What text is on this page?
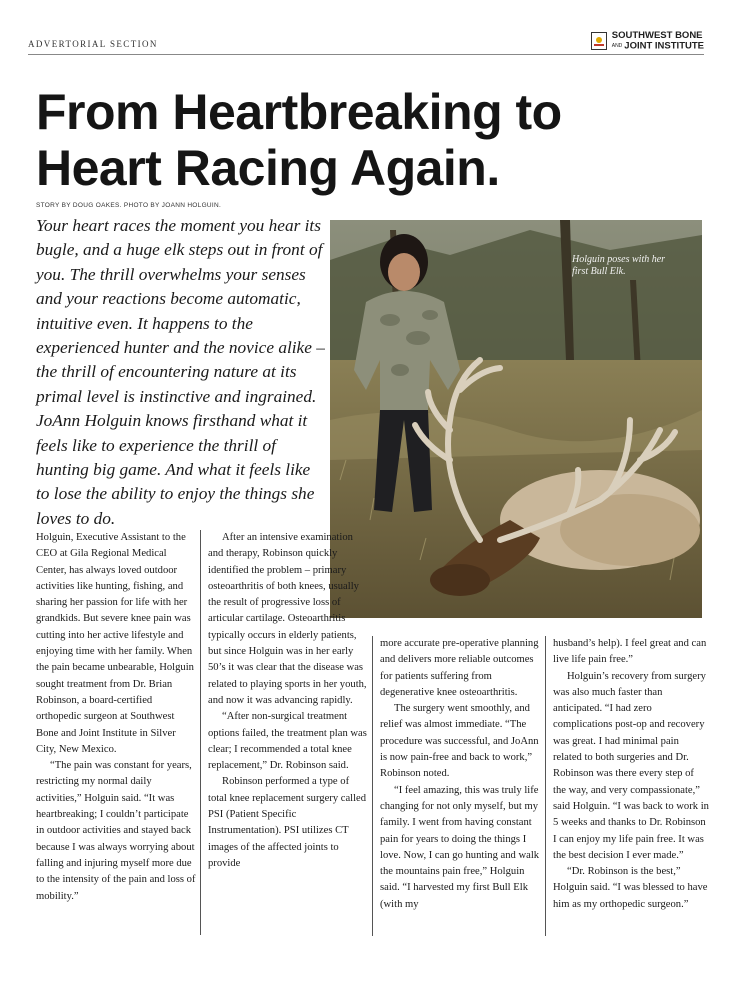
ADVERTORIAL SECTION
SOUTHWEST BONE
AND JOINT INSTITUTE
From Heartbreaking to
Heart Racing Again.
STORY BY DOUG OAKES. PHOTO BY JOANN HOLGUIN.

Your heart races the moment you hear its bugle, and a huge elk steps out in front of you. The thrill overwhelms your senses and your reactions become automatic, intuitive even. It happens to the experienced hunter and the novice alike – the thrill of encountering nature at its primal level is instinctive and ingrained. JoAnn Holguin knows firsthand what it feels like to experience the thrill of hunting big game. And what it feels like to lose the ability to enjoy the things she loves to do.

Holguin poses with her first Bull Elk.

Holguin, Executive Assistant to the CEO at Gila Regional Medical Center, has always loved outdoor activities like hunting, fishing, and sharing her passion for life with her grandkids. But severe knee pain was cutting into her active lifestyle and enjoying time with her family. When the pain became unbearable, Holguin sought treatment from Dr. Brian Robinson, a board-certified orthopedic surgeon at Southwest Bone and Joint Institute in Silver City, New Mexico.

“The pain was constant for years, restricting my normal daily activities,” Holguin said. “It was heartbreaking; I couldn’t participate in outdoor activities and stayed back because I was always worrying about falling and injuring myself more due to the intensity of the pain and loss of mobility.”

After an intensive examination and therapy, Robinson quickly identified the problem – primary osteoarthritis of both knees, usually the result of progressive loss of articular cartilage. Osteoarthritis typically occurs in elderly patients, but since Holguin was in her early 50’s it was clear that the disease was related to playing sports in her youth, and now it was advancing rapidly.

“After non-surgical treatment options failed, the treatment plan was clear; I recommended a total knee replacement,” Dr. Robinson said.

Robinson performed a type of total knee replacement surgery called PSI (Patient Specific Instrumentation). PSI utilizes CT images of the affected joints to provide

more accurate pre-operative planning and delivers more reliable outcomes for patients suffering from degenerative knee osteoarthritis.

The surgery went smoothly, and relief was almost immediate. “The procedure was successful, and JoAnn is now pain-free and back to work,” Robinson noted.

“I feel amazing, this was truly life changing for not only myself, but my family. I went from having constant pain for years to doing the things I love. Now, I can go hunting and walk the mountains pain free,” Holguin said. “I harvested my first Bull Elk (with my

husband’s help). I feel great and can live life pain free.”

Holguin’s recovery from surgery was also much faster than anticipated. “I had zero complications post-op and recovery was great. I had minimal pain related to both surgeries and Dr. Robinson was there every step of the way, and very compassionate,” said Holguin. “I was back to work in 5 weeks and thanks to Dr. Robinson I can enjoy my life pain free. It was the best decision I ever made.”

“Dr. Robinson is the best,” Holguin said. “I was blessed to have him as my orthopedic surgeon.”
